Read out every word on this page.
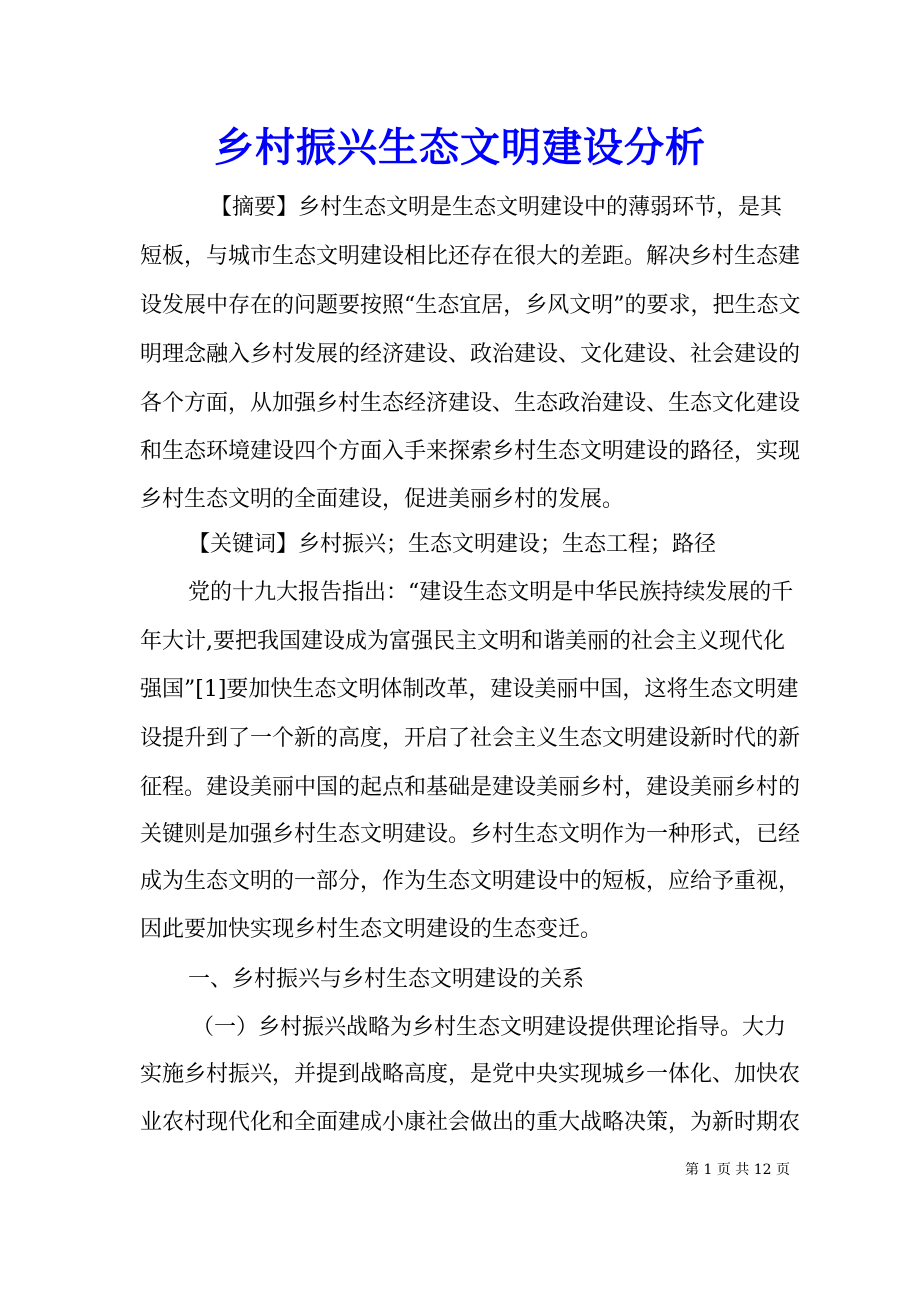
乡村振兴生态文明建设分析
【摘要】乡村生态文明是生态文明建设中的薄弱环节，是其
短板，与城市生态文明建设相比还存在很大的差距。解决乡村生态建
设发展中存在的问题要按照“生态宜居，乡风文明”的要求，把生态文
明理念融入乡村发展的经济建设、政治建设、文化建设、社会建设的
各个方面，从加强乡村生态经济建设、生态政治建设、生态文化建设
和生态环境建设四个方面入手来探索乡村生态文明建设的路径，实现
乡村生态文明的全面建设，促进美丽乡村的发展。
【关键词】乡村振兴；生态文明建设；生态工程；路径
党的十九大报告指出：“建设生态文明是中华民族持续发展的千
年大计,要把我国建设成为富强民主文明和谐美丽的社会主义现代化
强国”[1]要加快生态文明体制改革，建设美丽中国，这将生态文明建
设提升到了一个新的高度，开启了社会主义生态文明建设新时代的新
征程。建设美丽中国的起点和基础是建设美丽乡村，建设美丽乡村的
关键则是加强乡村生态文明建设。乡村生态文明作为一种形式，已经
成为生态文明的一部分，作为生态文明建设中的短板，应给予重视，
因此要加快实现乡村生态文明建设的生态变迁。
一、乡村振兴与乡村生态文明建设的关系
（一）乡村振兴战略为乡村生态文明建设提供理论指导。大力
实施乡村振兴，并提到战略高度，是党中央实现城乡一体化、加快农
业农村现代化和全面建成小康社会做出的重大战略决策，为新时期农
第 1 页 共 12 页
